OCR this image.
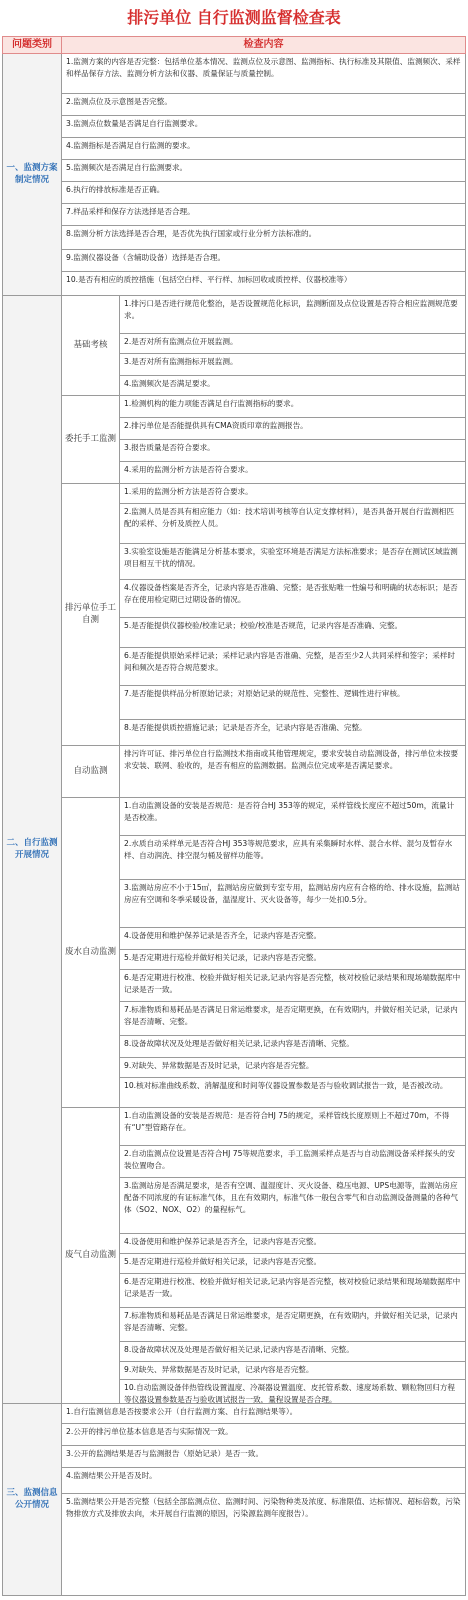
排污单位 自行监测监督检查表
问题类别	检查内容
一、监测方案制定情况
1.监测方案的内容是否完整：包括单位基本情况、监测点位及示意图、监测指标、执行标准及其限值、监测频次、采样和样品保存方法、监测分析方法和仪器、质量保证与质量控制。
2.监测点位及示意图是否完整。
3.监测点位数量是否满足自行监测要求。
4.监测指标是否满足自行监测的要求。
5.监测频次是否满足自行监测要求。
6.执行的排放标准是否正确。
7.样品采样和保存方法选择是否合理。
8.监测分析方法选择是否合理，是否优先执行国家或行业分析方法标准的。
9.监测仪器设备（含辅助设备）选择是否合理。
10.是否有相应的质控措施（包括空白样、平行样、加标回收或质控样、仪器校准等）
二、自行监测开展情况
基础考核
1.排污口是否进行规范化整治，是否设置规范化标识，监测断面及点位设置是否符合相应监测规范要求。
2.是否对所有监测点位开展监测。
3.是否对所有监测指标开展监测。
4.监测频次是否满足要求。
委托手工监测
1.检测机构的能力项能否满足自行监测指标的要求。
2.排污单位是否能提供具有CMA资质印章的监测报告。
3.报告质量是否符合要求。
4.采用的监测分析方法是否符合要求。
排污单位手工自测
1.采用的监测分析方法是否符合要求。
2.监测人员是否具有相应能力（如：技术培训考核等自认定支撑材料），是否具备开展自行监测相匹配的采样、分析及质控人员。
3.实验室设施是否能满足分析基本要求，实验室环境是否满足方法标准要求；是否存在测试区域监测项目相互干扰的情况。
4.仪器设备档案是否齐全，记录内容是否准确、完整；是否张贴唯一性编号和明确的状态标识；是否存在使用检定期已过期设备的情况。
5.是否能提供仪器校验/校准记录；校验/校准是否规范，记录内容是否准确、完整。
6.是否能提供原始采样记录；采样记录内容是否准确、完整，是否至少2人共同采样和签字；采样时间和频次是否符合规范要求。
7.是否能提供样品分析原始记录；对原始记录的规范性、完整性、逻辑性进行审核。
8.是否能提供质控措施记录；记录是否齐全，记录内容是否准确、完整。
自动监测
排污许可证、排污单位自行监测技术指南或其他管理规定，要求安装自动监测设备，排污单位未按要求安装、联网、验收的，是否有相应的监测数据。监测点位完成率是否满足要求。
废水自动监测
1.自动监测设备的安装是否规范：是否符合HJ 353等的规定，采样管线长度应不超过50m，流量计是否校准。
2.水质自动采样单元是否符合HJ 353等规范要求，应具有采集瞬时水样、混合水样、混匀及暂存水样、自动润洗、排空混匀桶及留样功能等。
3.监测站房应不小于15㎡，监测站房应做到专室专用，监测站房内应有合格的给、排水设施，监测站房应有空调和冬季采暖设备，温湿度计、灭火设备等，每少一处扣0.5分。
4.设备使用和维护保养记录是否齐全，记录内容是否完整。
5.是否定期进行巡检并做好相关记录，记录内容是否完整。
6.是否定期进行校准、校验并做好相关记录,记录内容是否完整，核对校验记录结果和现场端数据库中记录是否一致。
7.标准物质和易耗品是否满足日常运维要求，是否定期更换，在有效期内，并做好相关记录，记录内容是否清晰、完整。
8.设备故障状况及处理是否做好相关记录,记录内容是否清晰、完整。
9.对缺失、异常数据是否及时记录，记录内容是否完整。
10.核对标准曲线系数、消解温度和时间等仪器设置参数是否与验收调试报告一致，是否被改动。
废气自动监测
1.自动监测设备的安装是否规范：是否符合HJ 75的规定，采样管线长度原则上不超过70m，不得有“U”型管路存在。
2.自动监测点位设置是否符合HJ 75等规范要求，手工监测采样点是否与自动监测设备采样探头的安装位置吻合。
3.监测站房是否满足要求，是否有空调、温湿度计、灭火设备、稳压电源、UPS电源等，监测站房应配备不同浓度的有证标准气体，且在有效期内，标准气体一般包含零气和自动监测设备测量的各种气体（SO2、NOX、O2）的量程标气。
4.设备使用和维护保养记录是否齐全，记录内容是否完整。
5.是否定期进行巡检并做好相关记录，记录内容是否完整。
6.是否定期进行校准、校验并做好相关记录,记录内容是否完整，核对校验记录结果和现场端数据库中记录是否一致。
7.标准物质和易耗品是否满足日常运维要求，是否定期更换，在有效期内，并做好相关记录，记录内容是否清晰、完整。
8.设备故障状况及处理是否做好相关记录,记录内容是否清晰、完整。
9.对缺失、异常数据是否及时记录，记录内容是否完整。
10.自动监测设备伴热管线设置温度、冷凝器设置温度、皮托管系数、速度场系数、颗粒物回归方程等仪器设置参数是否与验收调试报告一致，量程设置是否合理。
三、监测信息公开情况
1.自行监测信息是否按要求公开（自行监测方案、自行监测结果等）。
2.公开的排污单位基本信息是否与实际情况一致。
3.公开的监测结果是否与监测报告（原始记录）是否一致。
4.监测结果公开是否及时。
5.监测结果公开是否完整（包括全部监测点位、监测时间、污染物种类及浓度、标准限值、达标情况、超标倍数，污染物排放方式及排放去向，未开展自行监测的原因，污染源监测年度报告）。
